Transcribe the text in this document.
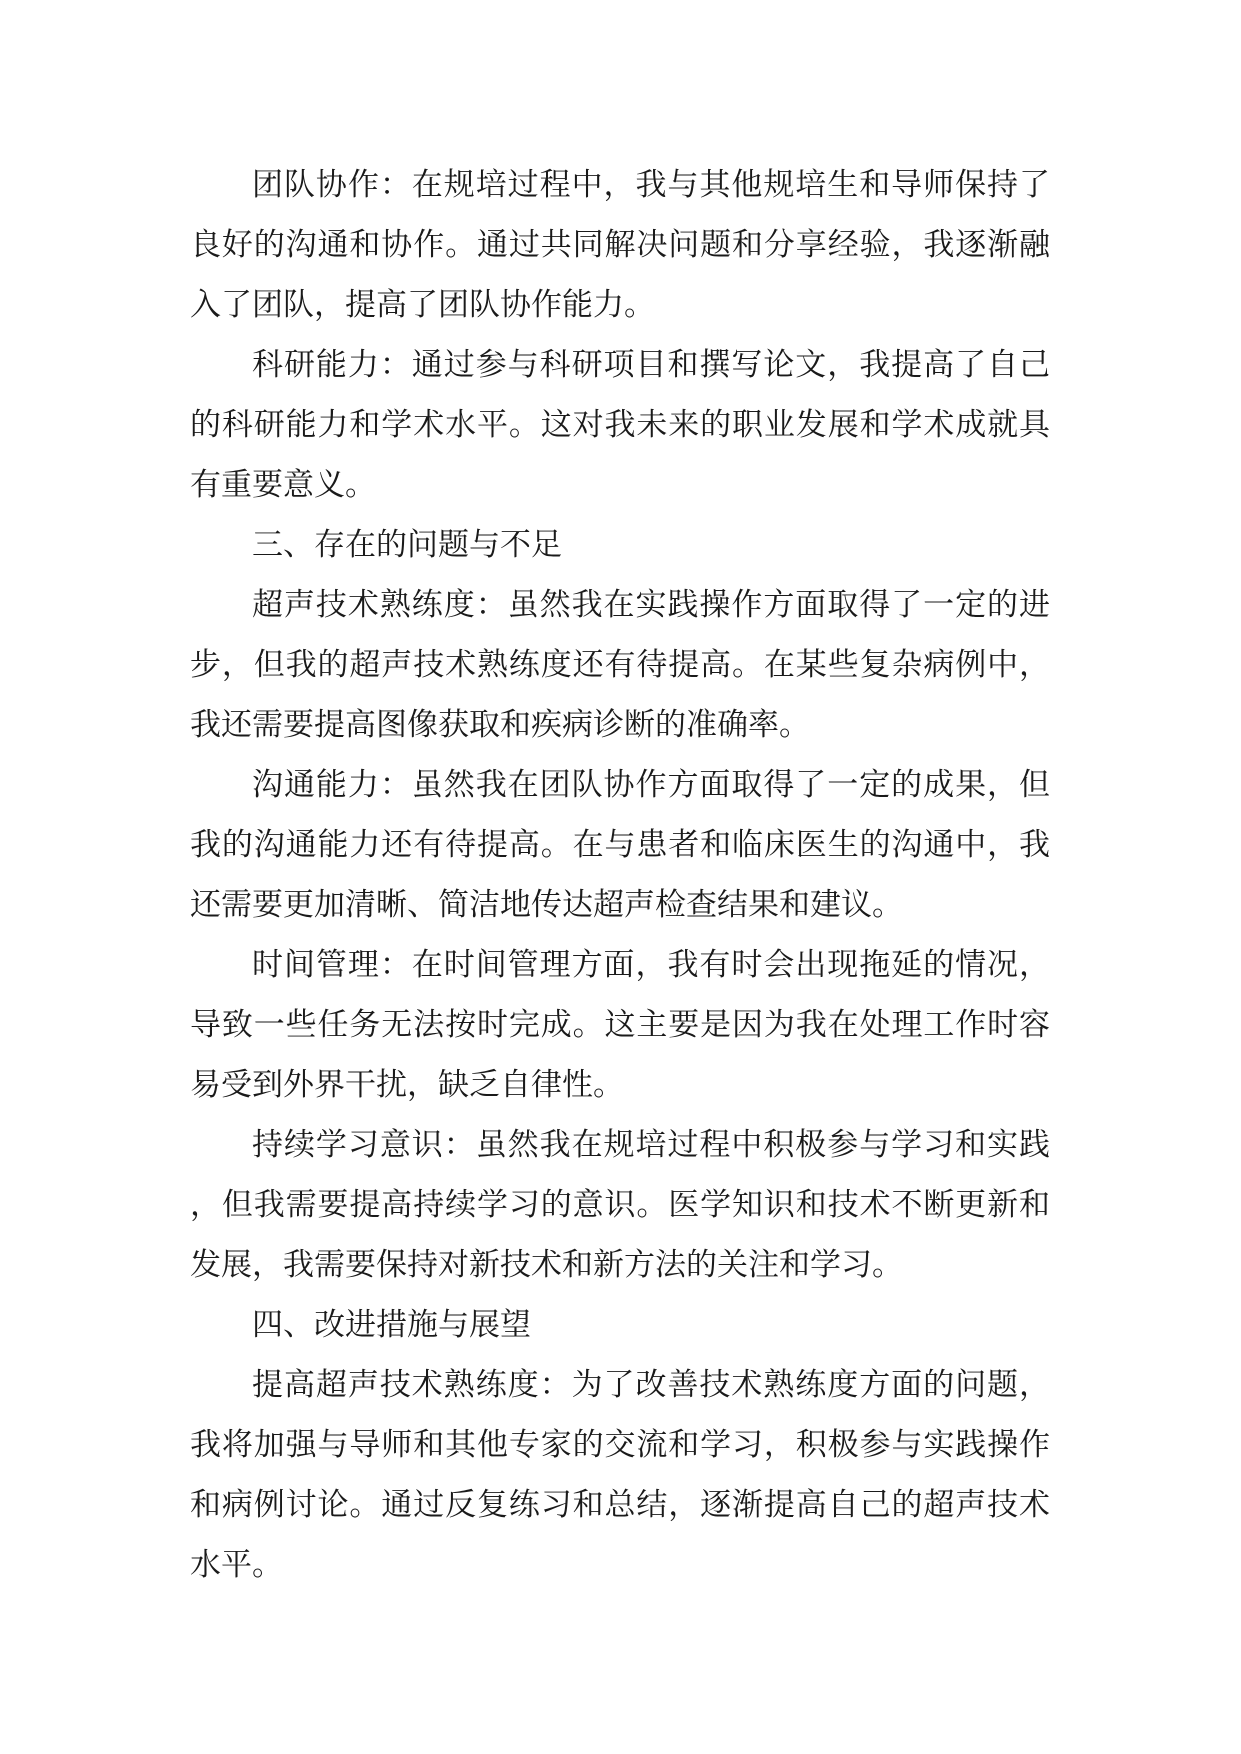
团队协作：在规培过程中，我与其他规培生和导师保持了良好的沟通和协作。通过共同解决问题和分享经验，我逐渐融入了团队，提高了团队协作能力。

科研能力：通过参与科研项目和撰写论文，我提高了自己的科研能力和学术水平。这对我未来的职业发展和学术成就具有重要意义。

三、存在的问题与不足

超声技术熟练度：虽然我在实践操作方面取得了一定的进步，但我的超声技术熟练度还有待提高。在某些复杂病例中，我还需要提高图像获取和疾病诊断的准确率。

沟通能力：虽然我在团队协作方面取得了一定的成果，但我的沟通能力还有待提高。在与患者和临床医生的沟通中，我还需要更加清晰、简洁地传达超声检查结果和建议。

时间管理：在时间管理方面，我有时会出现拖延的情况，导致一些任务无法按时完成。这主要是因为我在处理工作时容易受到外界干扰，缺乏自律性。

持续学习意识：虽然我在规培过程中积极参与学习和实践，但我需要提高持续学习的意识。医学知识和技术不断更新和发展，我需要保持对新技术和新方法的关注和学习。

四、改进措施与展望

提高超声技术熟练度：为了改善技术熟练度方面的问题，我将加强与导师和其他专家的交流和学习，积极参与实践操作和病例讨论。通过反复练习和总结，逐渐提高自己的超声技术水平。
